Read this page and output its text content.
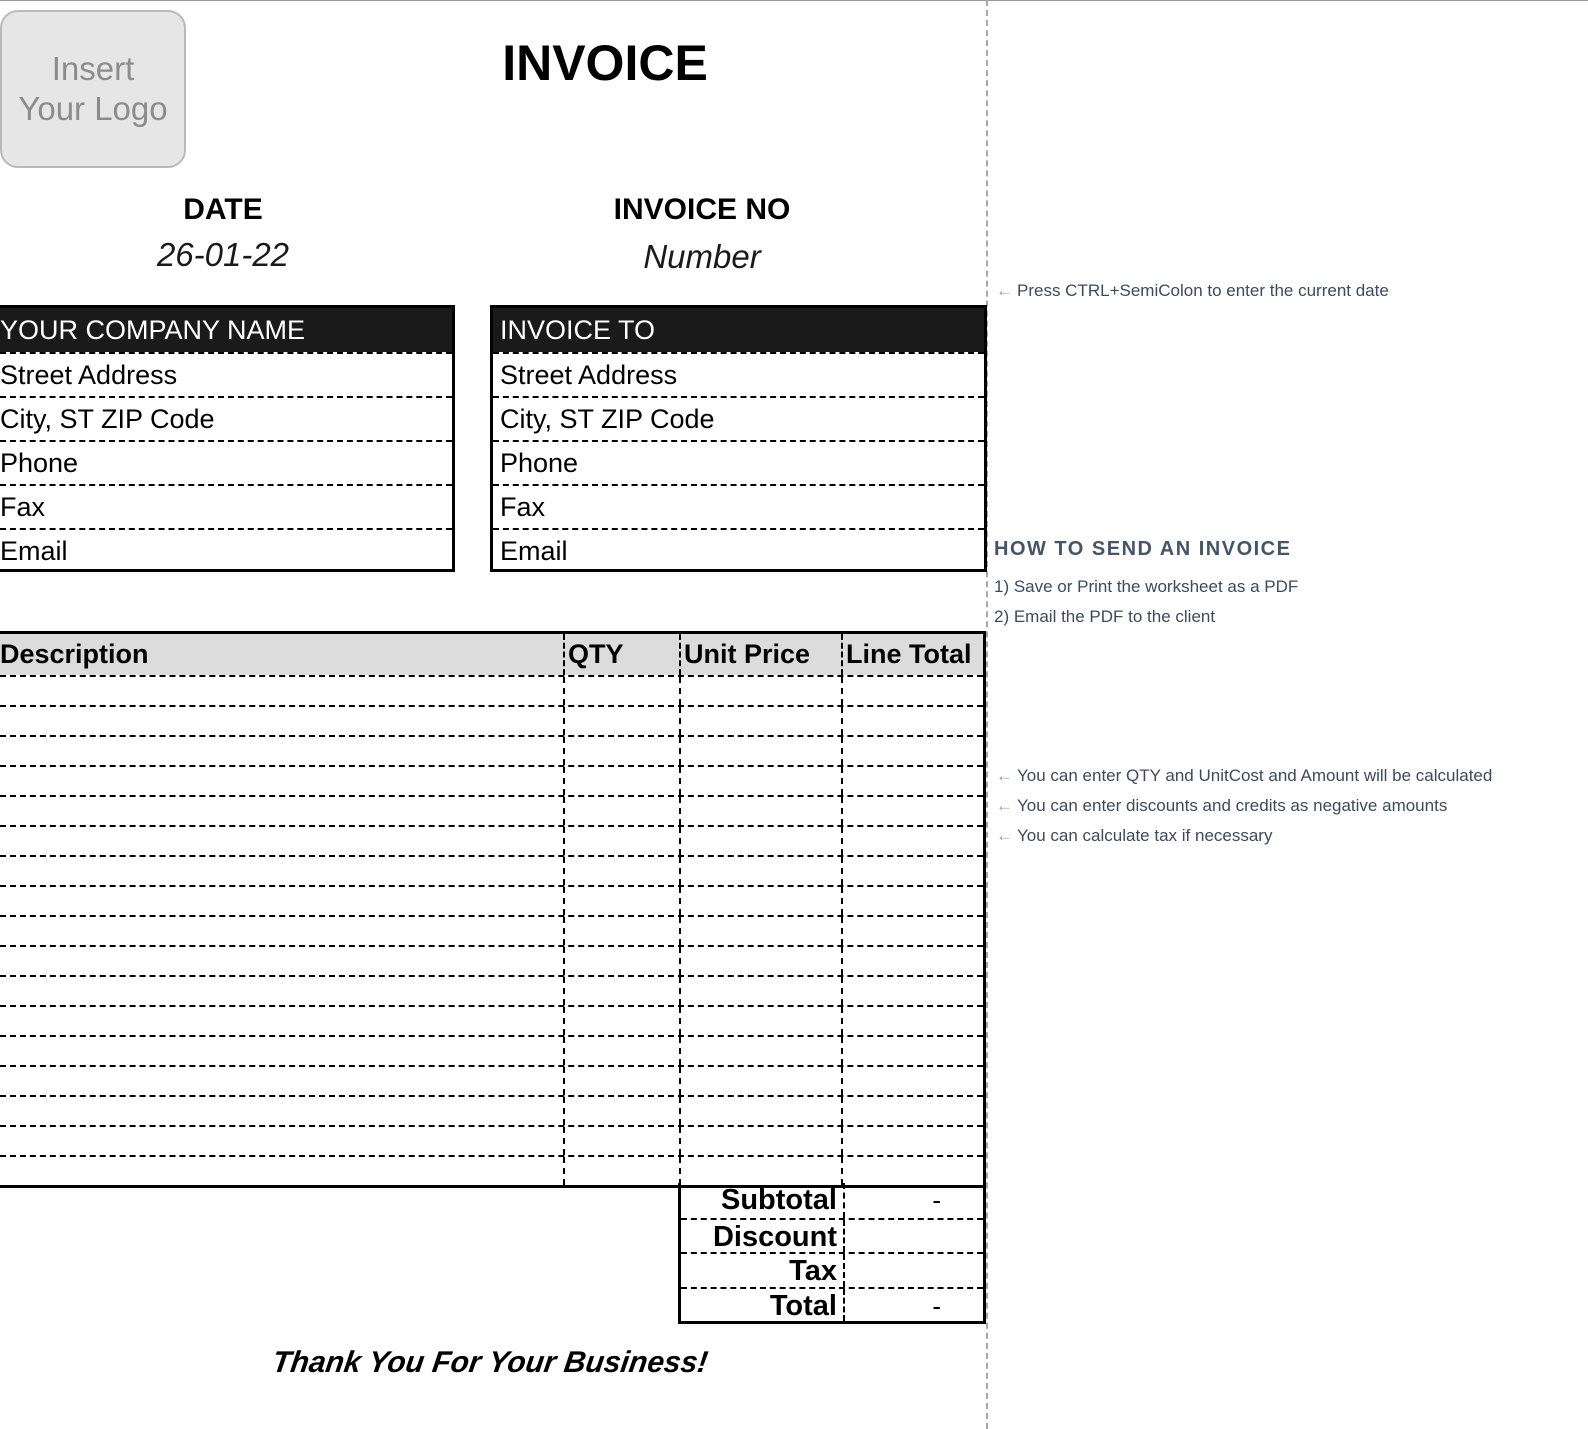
Insert
Your Logo
INVOICE
DATE
26-01-22
INVOICE NO
Number
YOUR COMPANY NAME
Street Address
City, ST ZIP Code
Phone
Fax
Email
INVOICE TO
Street Address
City, ST ZIP Code
Phone
Fax
Email
Description	QTY	Unit Price	Line Total
Subtotal	-
Discount
Tax
Total	-
Thank You For Your Business!
← Press CTRL+SemiColon to enter the current date
HOW TO SEND AN INVOICE
1) Save or Print the worksheet as a PDF
2) Email the PDF to the client
← You can enter QTY and UnitCost and Amount will be calculated
← You can enter discounts and credits as negative amounts
← You can calculate tax if necessary
